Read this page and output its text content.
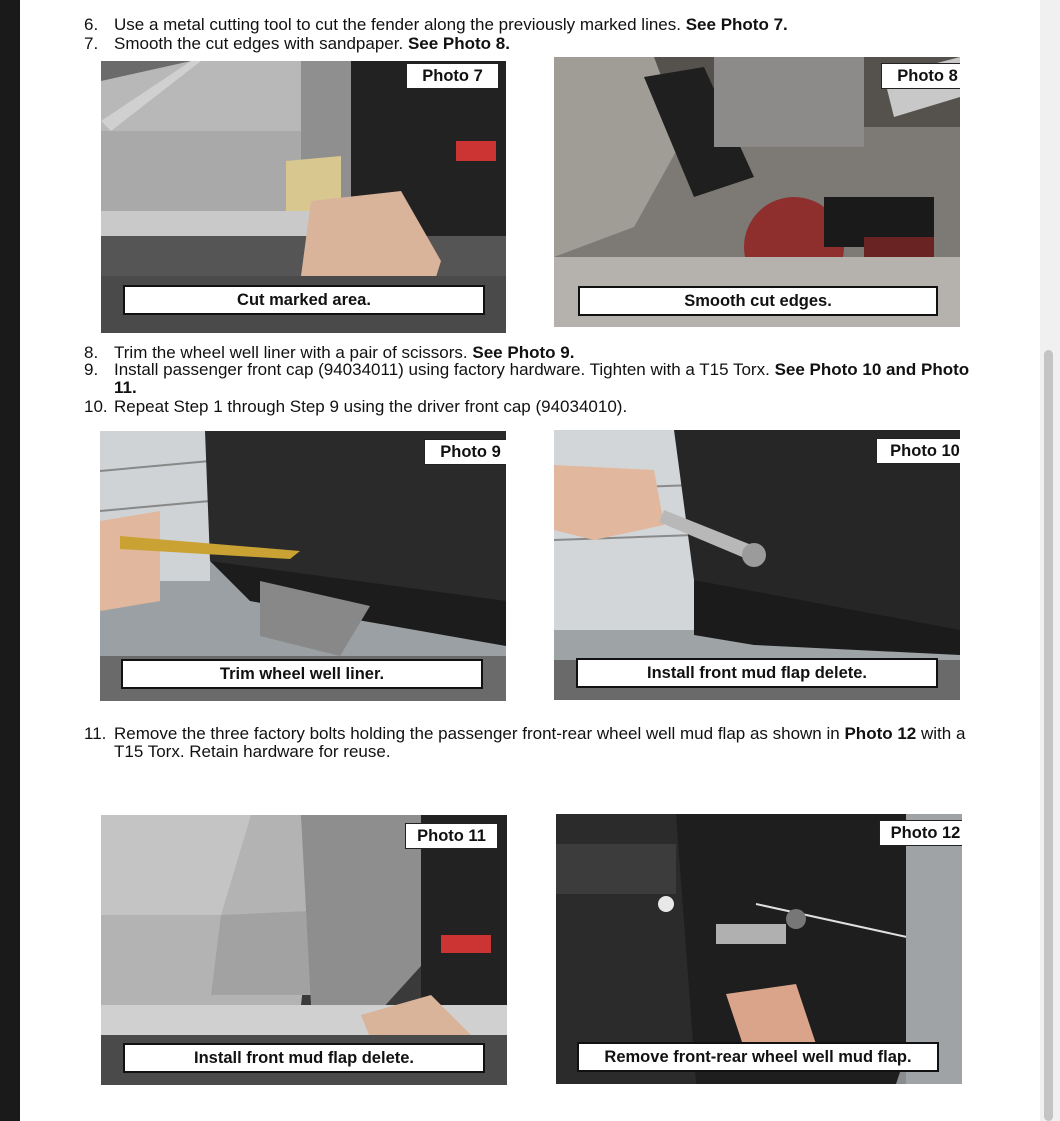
6. Use a metal cutting tool to cut the fender along the previously marked lines. See Photo 7.
7. Smooth the cut edges with sandpaper. See Photo 8.
Photo 7
Cut marked area.
Photo 8
Smooth cut edges.
8. Trim the wheel well liner with a pair of scissors. See Photo 9.
9. Install passenger front cap (94034011) using factory hardware. Tighten with a T15 Torx. See Photo 10 and Photo
11.
10. Repeat Step 1 through Step 9 using the driver front cap (94034010).
Photo 9
Trim wheel well liner.
Photo 10
Install front mud flap delete.
11. Remove the three factory bolts holding the passenger front-rear wheel well mud flap as shown in Photo 12 with a
T15 Torx. Retain hardware for reuse.
Photo 11
Install front mud flap delete.
Photo 12
Remove front-rear wheel well mud flap.
